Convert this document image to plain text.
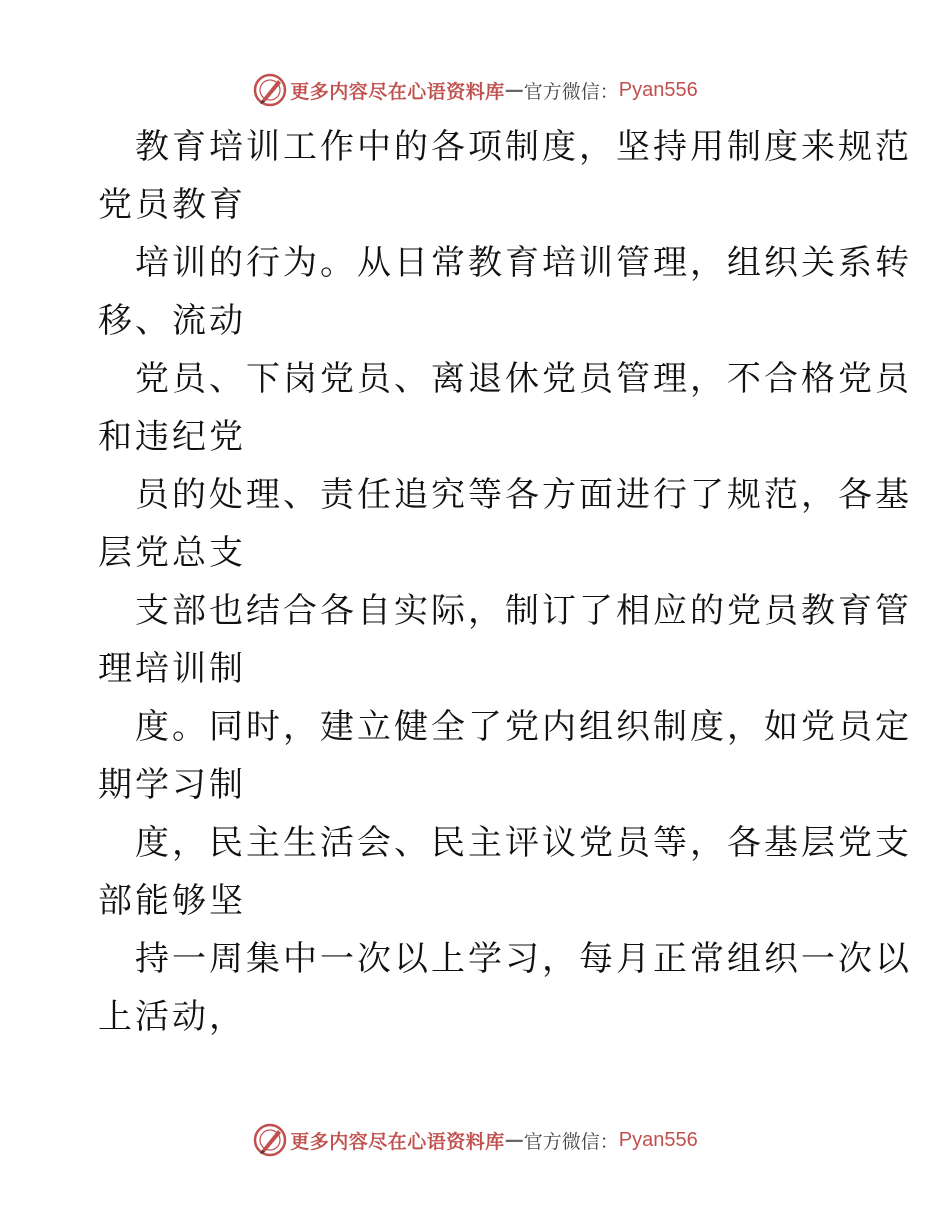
更多内容尽在心语资料库 — 官方微信： Pyan556
教育培训工作中的各项制度，坚持用制度来规范
党员教育
培训的行为。从日常教育培训管理，组织关系转
移、流动
党员、下岗党员、离退休党员管理，不合格党员
和违纪党
员的处理、责任追究等各方面进行了规范，各基
层党总支
支部也结合各自实际，制订了相应的党员教育管
理培训制
度。同时，建立健全了党内组织制度，如党员定
期学习制
度，民主生活会、民主评议党员等，各基层党支
部能够坚
持一周集中一次以上学习，每月正常组织一次以
上活动，
更多内容尽在心语资料库 — 官方微信： Pyan556
